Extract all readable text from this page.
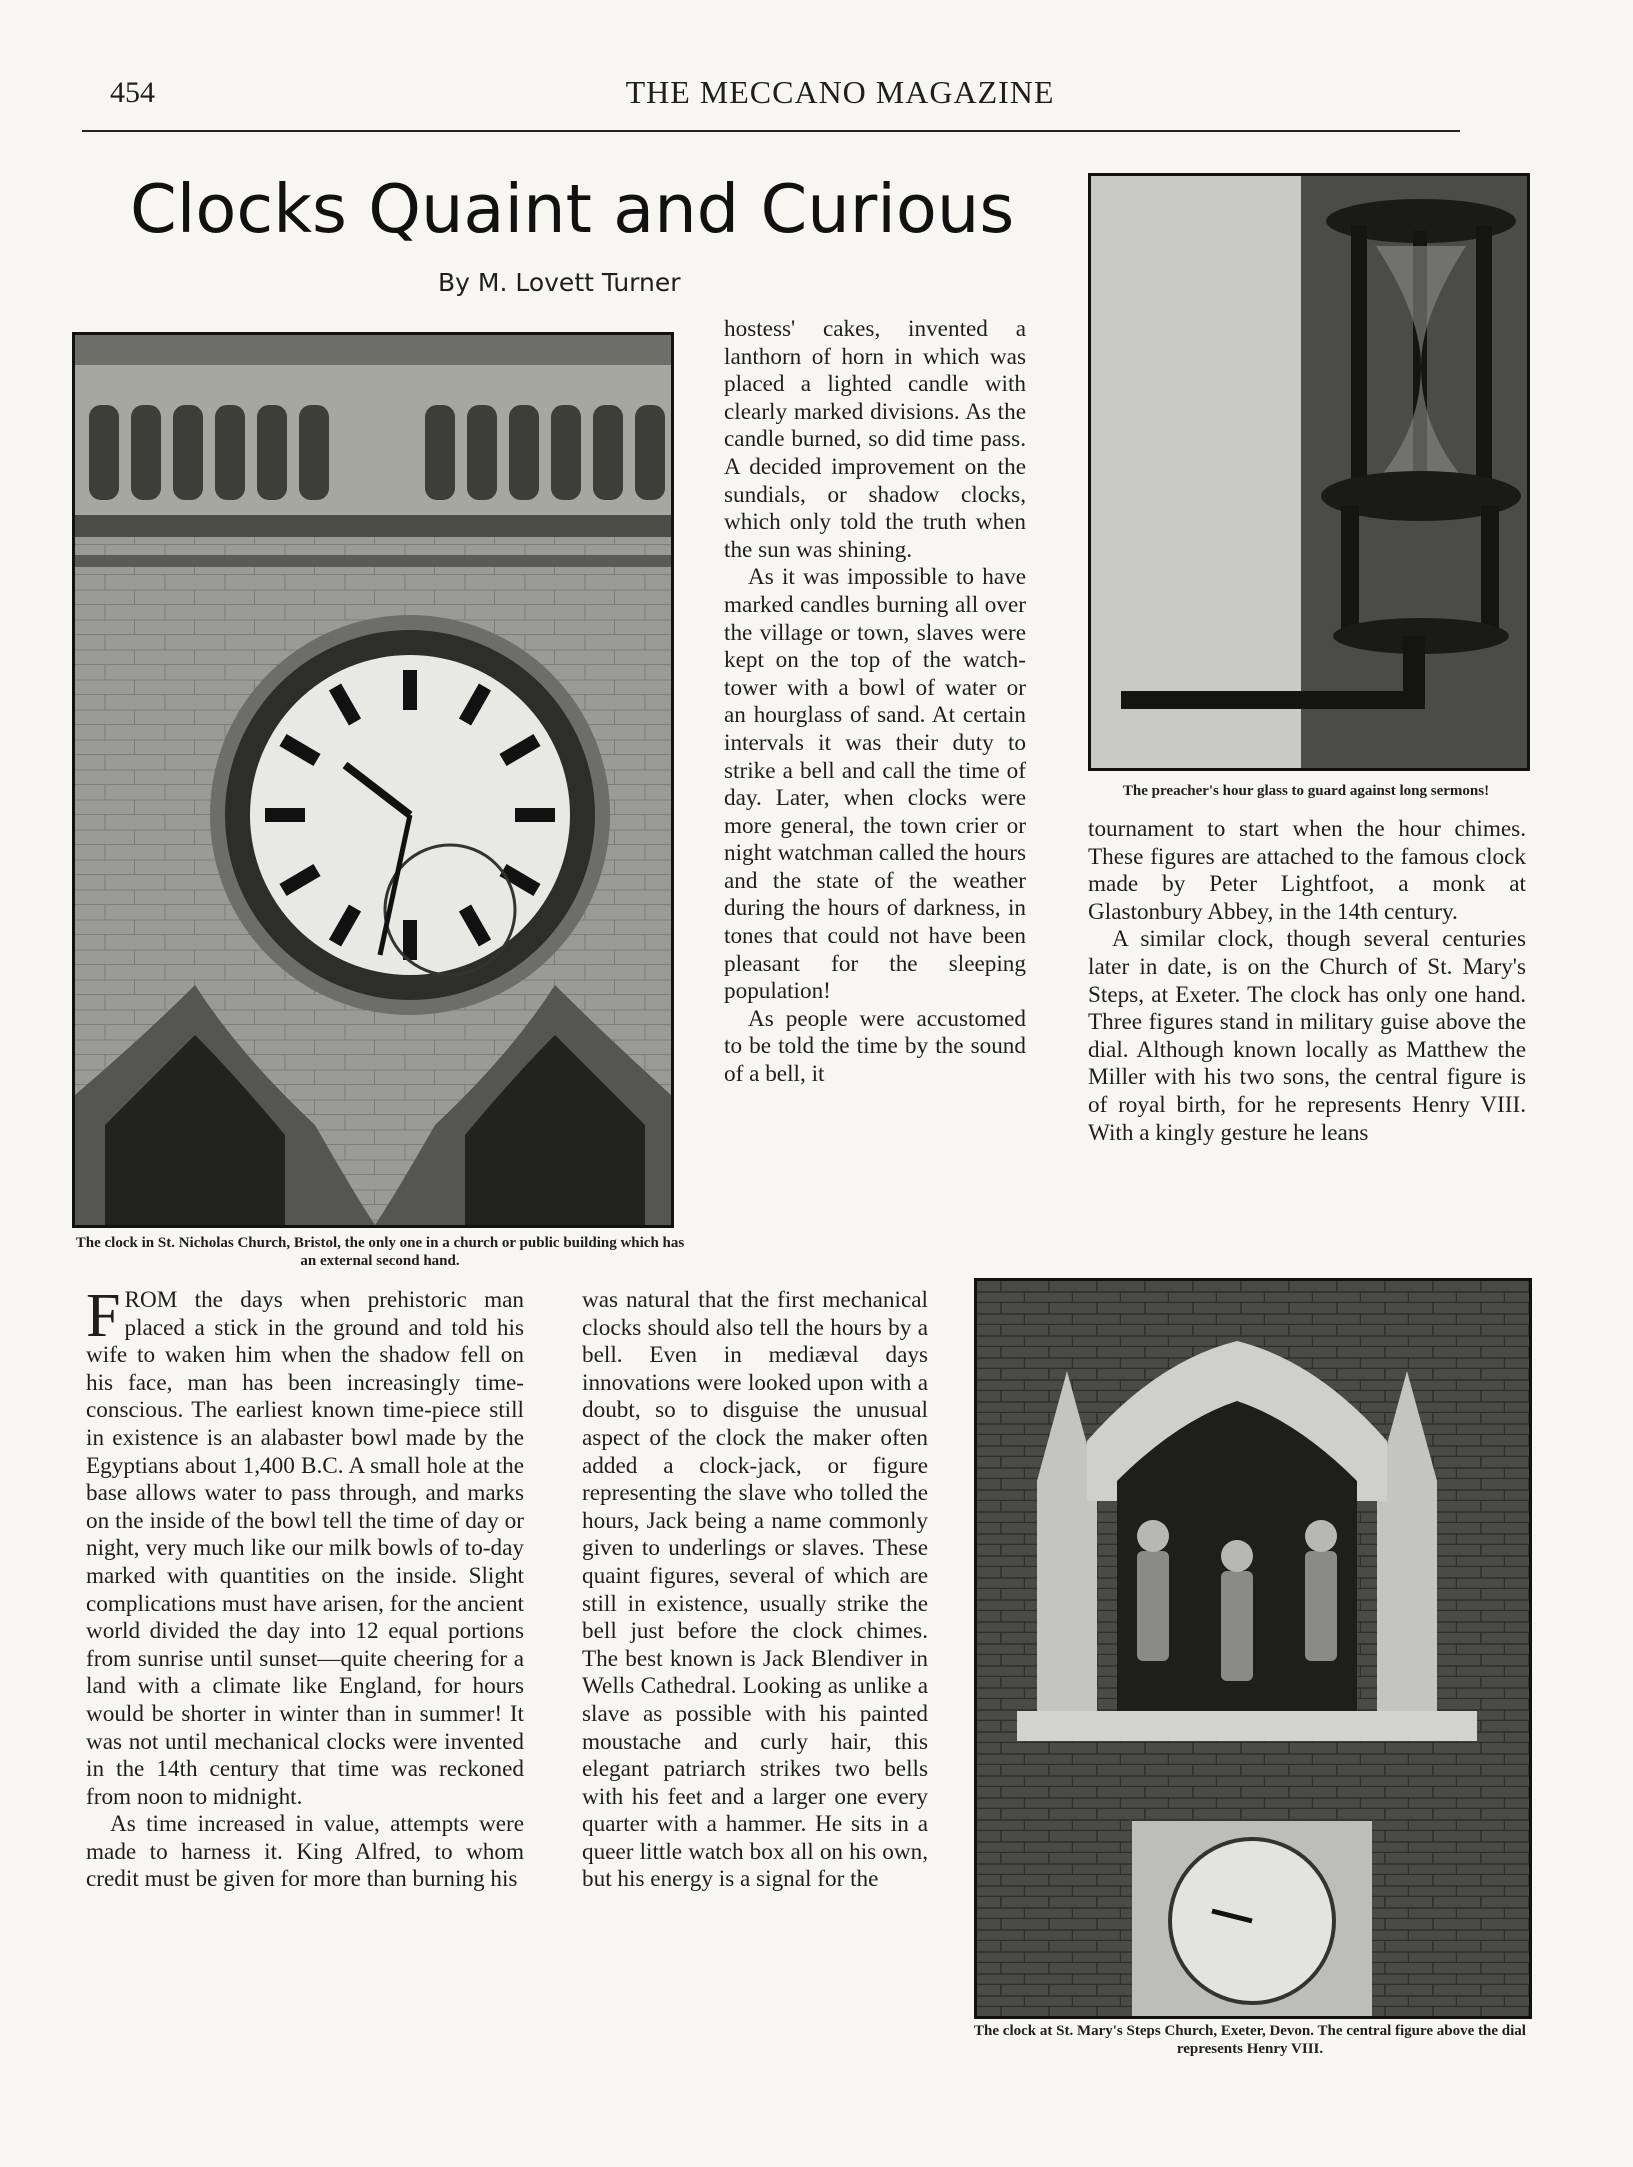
454	THE MECCANO MAGAZINE
Clocks Quaint and Curious
By M. Lovett Turner
The clock in St. Nicholas Church, Bristol, the only one in a church or public building which has an external second hand.
The preacher's hour glass to guard against long sermons!
The clock at St. Mary's Steps Church, Exeter, Devon. The central figure above the dial represents Henry VIII.

FROM the days when prehistoric man placed a stick in the ground and told his wife to waken him when the shadow fell on his face, man has been increasingly time-conscious. The earliest known time-piece still in existence is an alabaster bowl made by the Egyptians about 1,400 B.C. A small hole at the base allows water to pass through, and marks on the inside of the bowl tell the time of day or night, very much like our milk bowls of to-day marked with quantities on the inside. Slight complications must have arisen, for the ancient world divided the day into 12 equal portions from sunrise until sunset—quite cheering for a land with a climate like England, for hours would be shorter in winter than in summer! It was not until mechanical clocks were invented in the 14th century that time was reckoned from noon to midnight.

As time increased in value, attempts were made to harness it. King Alfred, to whom credit must be given for more than burning his

hostess' cakes, invented a lanthorn of horn in which was placed a lighted candle with clearly marked divisions. As the candle burned, so did time pass. A decided improvement on the sundials, or shadow clocks, which only told the truth when the sun was shining.

As it was impossible to have marked candles burning all over the village or town, slaves were kept on the top of the watch-tower with a bowl of water or an hourglass of sand. At certain intervals it was their duty to strike a bell and call the time of day. Later, when clocks were more general, the town crier or night watchman called the hours and the state of the weather during the hours of darkness, in tones that could not have been pleasant for the sleeping population!

As people were accustomed to be told the time by the sound of a bell, it

was natural that the first mechanical clocks should also tell the hours by a bell. Even in mediæval days innovations were looked upon with a doubt, so to disguise the unusual aspect of the clock the maker often added a clock-jack, or figure representing the slave who tolled the hours, Jack being a name commonly given to underlings or slaves. These quaint figures, several of which are still in existence, usually strike the bell just before the clock chimes. The best known is Jack Blendiver in Wells Cathedral. Looking as unlike a slave as possible with his painted moustache and curly hair, this elegant patriarch strikes two bells with his feet and a larger one every quarter with a hammer. He sits in a queer little watch box all on his own, but his energy is a signal for the

tournament to start when the hour chimes. These figures are attached to the famous clock made by Peter Lightfoot, a monk at Glastonbury Abbey, in the 14th century.

A similar clock, though several centuries later in date, is on the Church of St. Mary's Steps, at Exeter. The clock has only one hand. Three figures stand in military guise above the dial. Although known locally as Matthew the Miller with his two sons, the central figure is of royal birth, for he represents Henry VIII. With a kingly gesture he leans
